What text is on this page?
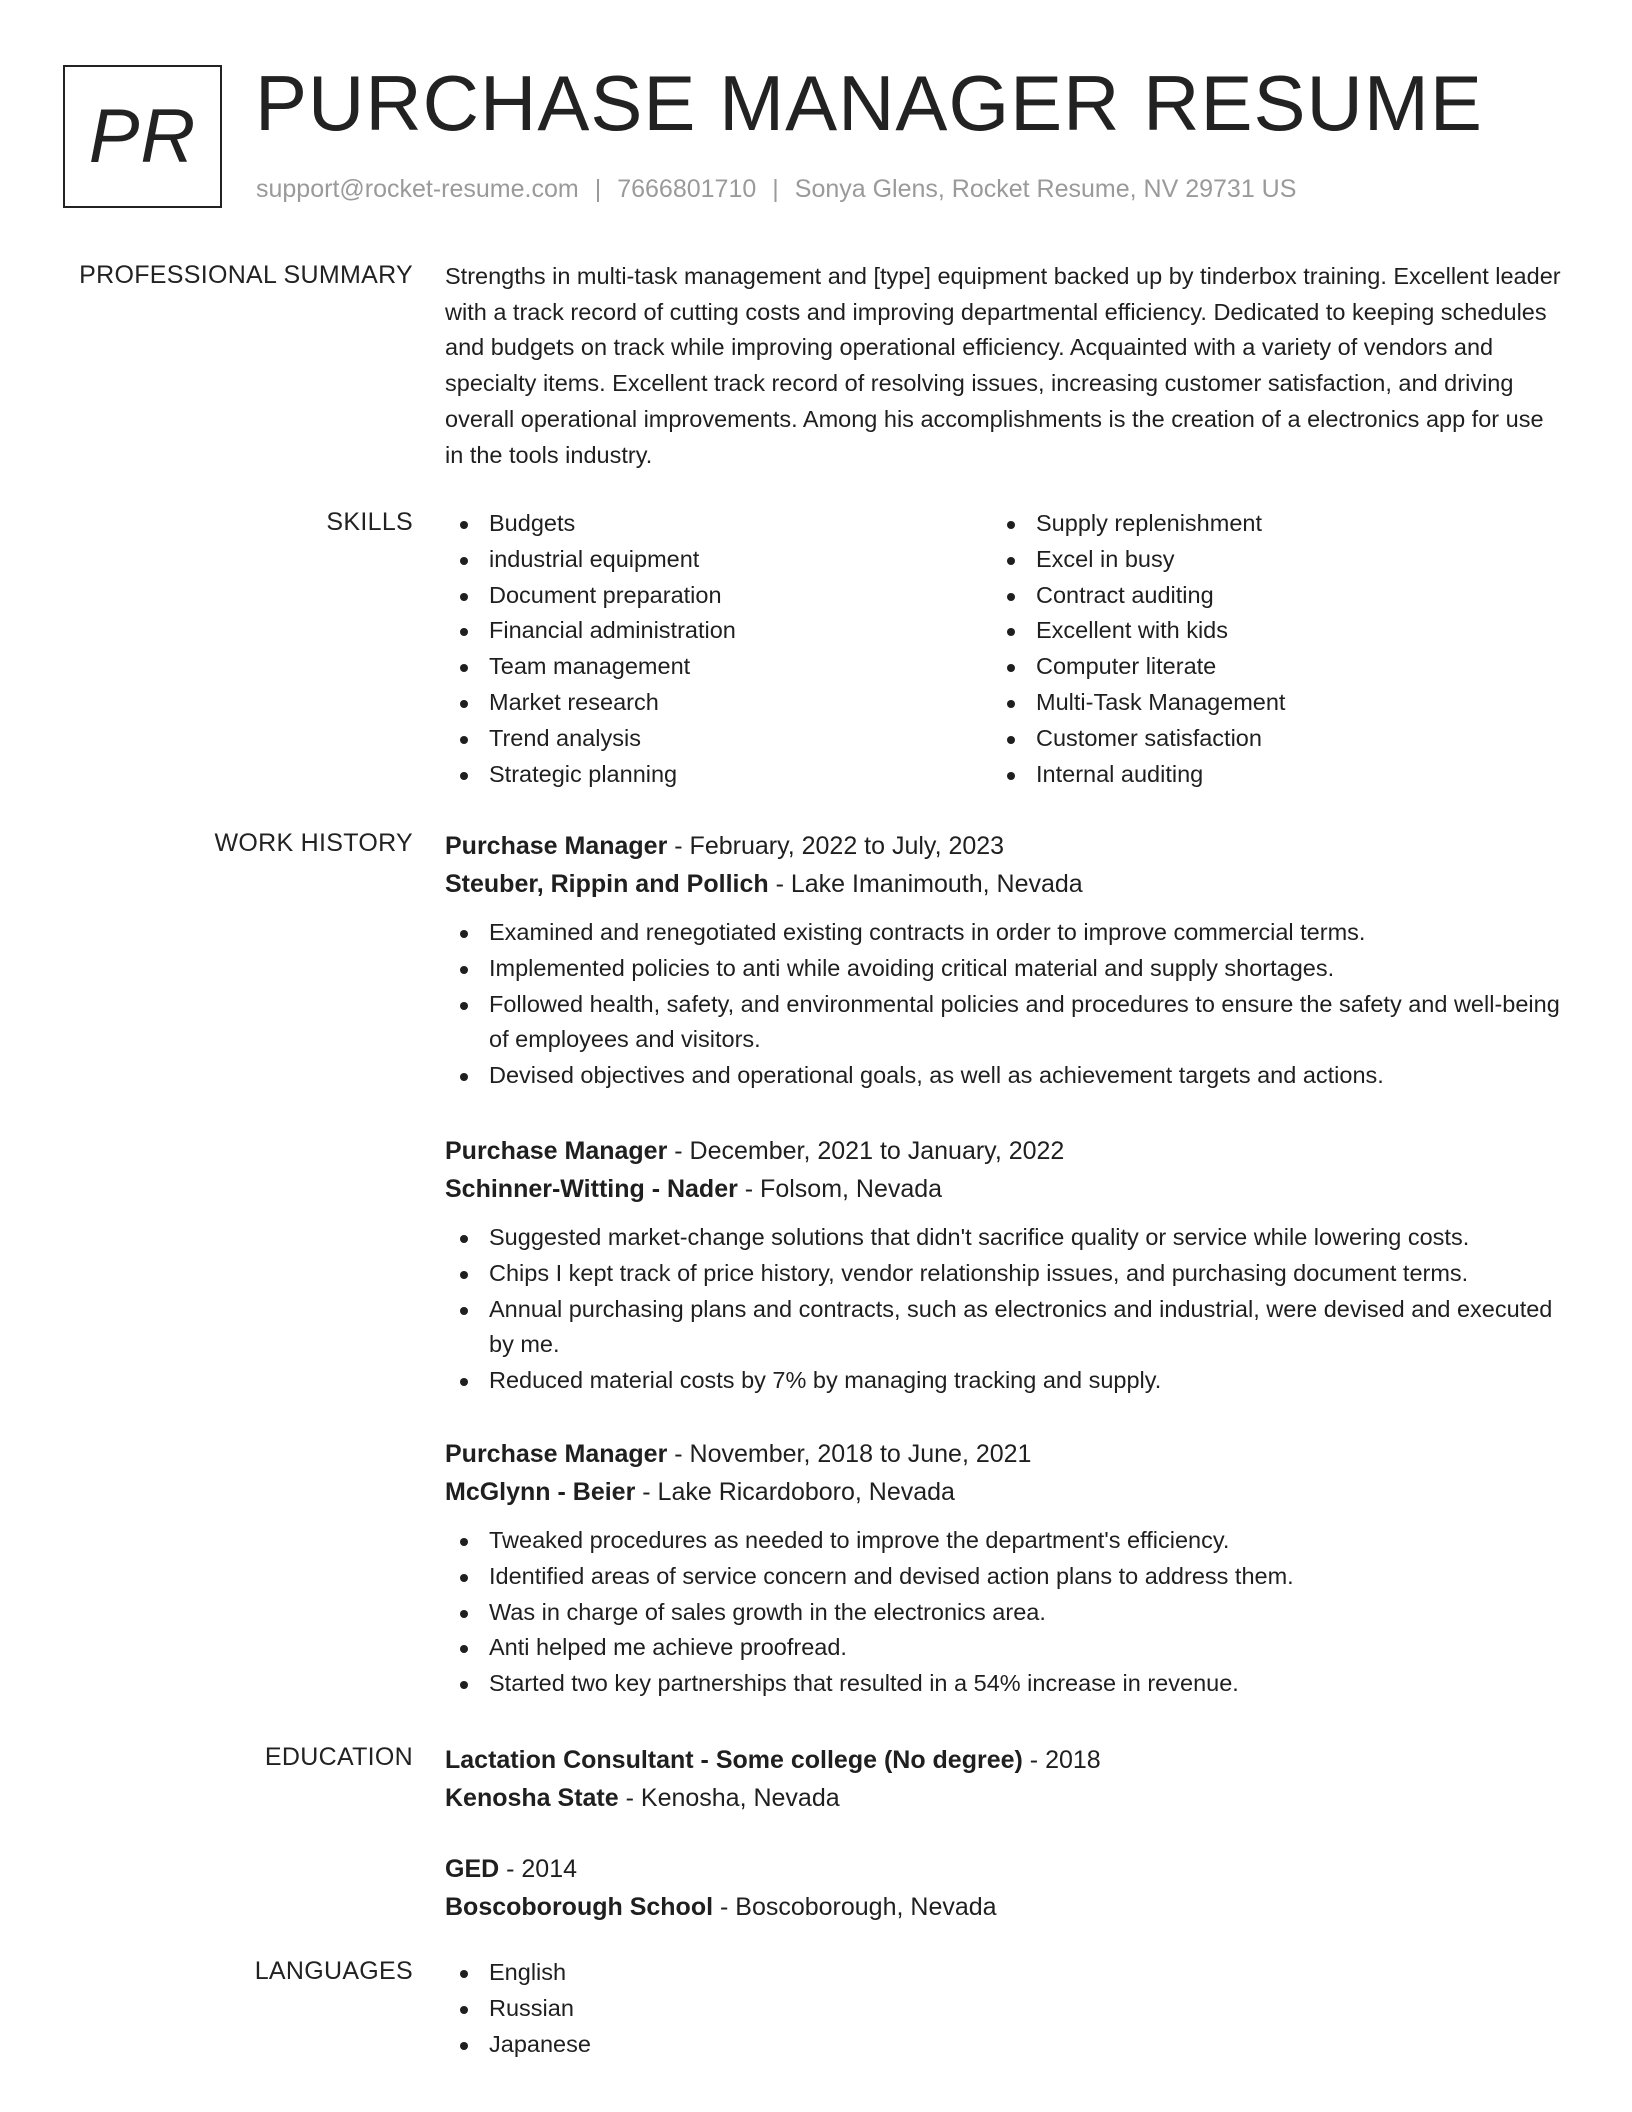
PR PURCHASE MANAGER RESUME
support@rocket-resume.com | 7666801710 | Sonya Glens, Rocket Resume, NV 29731 US
PROFESSIONAL SUMMARY Strengths in multi-task management and [type] equipment backed up by tinderbox training. Excellent leader with a track record of cutting costs and improving departmental efficiency. Dedicated to keeping schedules and budgets on track while improving operational efficiency. Acquainted with a variety of vendors and specialty items. Excellent track record of resolving issues, increasing customer satisfaction, and driving overall operational improvements. Among his accomplishments is the creation of a electronics app for use in the tools industry.

SKILLS	Budgets
industrial equipment
Document preparation
Financial administration
Team management
Market research
Trend analysis
Strategic planning
Supply replenishment
Excel in busy
Contract auditing
Excellent with kids
Computer literate
Multi-Task Management
Customer satisfaction
Internal auditing
WORK HISTORY Purchase Manager - February, 2022 to July, 2023
Steuber, Rippin and Pollich - Lake Imanimouth, Nevada
Examined and renegotiated existing contracts in order to improve commercial terms.
Implemented policies to anti while avoiding critical material and supply shortages.
Followed health, safety, and environmental policies and procedures to ensure the safety and well-being of employees and visitors.
Devised objectives and operational goals, as well as achievement targets and actions.
Purchase Manager - December, 2021 to January, 2022
Schinner-Witting - Nader - Folsom, Nevada
Suggested market-change solutions that didn't sacrifice quality or service while lowering costs.
Chips I kept track of price history, vendor relationship issues, and purchasing document terms.
Annual purchasing plans and contracts, such as electronics and industrial, were devised and executed by me.
Reduced material costs by 7% by managing tracking and supply.
Purchase Manager - November, 2018 to June, 2021
McGlynn - Beier - Lake Ricardoboro, Nevada
Tweaked procedures as needed to improve the department's efficiency.
Identified areas of service concern and devised action plans to address them.
Was in charge of sales growth in the electronics area.
Anti helped me achieve proofread.
Started two key partnerships that resulted in a 54% increase in revenue.
EDUCATION Lactation Consultant - Some college (No degree) - 2018
Kenosha State - Kenosha, Nevada
GED - 2014
Boscoborough School - Boscoborough, Nevada
LANGUAGES	English
Russian
Japanese
